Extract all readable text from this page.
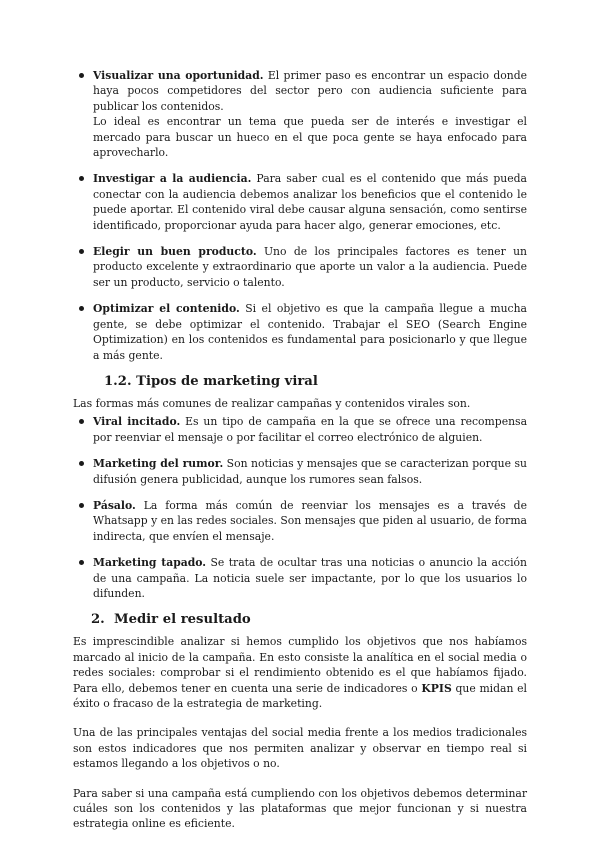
Visualizar una oportunidad. El primer paso es encontrar un espacio donde haya pocos competidores del sector pero con audiencia suficiente para publicar los contenidos.

Lo ideal es encontrar un tema que pueda ser de interés e investigar el mercado para buscar un hueco en el que poca gente se haya enfocado para aprovecharlo.

Investigar a la audiencia. Para saber cual es el contenido que más pueda conectar con la audiencia debemos analizar los beneficios que el contenido le puede aportar. El contenido viral debe causar alguna sensación, como sentirse identificado, proporcionar ayuda para hacer algo, generar emociones, etc.

Elegir un buen producto. Uno de los principales factores es tener un producto excelente y extraordinario que aporte un valor a la audiencia. Puede ser un producto, servicio o talento.

Optimizar el contenido. Si el objetivo es que la campaña llegue a mucha gente, se debe optimizar el contenido. Trabajar el SEO (Search Engine Optimization) en los contenidos es fundamental para posicionarlo y que llegue a más gente.

1.2. Tipos de marketing viral

Las formas más comunes de realizar campañas y contenidos virales son.

Viral incitado. Es un tipo de campaña en la que se ofrece una recompensa por reenviar el mensaje o por facilitar el correo electrónico de alguien.

Marketing del rumor. Son noticias y mensajes que se caracterizan porque su difusión genera publicidad, aunque los rumores sean falsos.

Pásalo. La forma más común de reenviar los mensajes es a través de Whatsapp y en las redes sociales. Son mensajes que piden al usuario, de forma indirecta, que envíen el mensaje.

Marketing tapado. Se trata de ocultar tras una noticias o anuncio la acción de una campaña. La noticia suele ser impactante, por lo que los usuarios lo difunden.

2. Medir el resultado

Es imprescindible analizar si hemos cumplido los objetivos que nos habíamos marcado al inicio de la campaña. En esto consiste la analítica en el social media o redes sociales: comprobar si el rendimiento obtenido es el que habíamos fijado. Para ello, debemos tener en cuenta una serie de indicadores o KPIS que midan el éxito o fracaso de la estrategia de marketing.

Una de las principales ventajas del social media frente a los medios tradicionales son estos indicadores que nos permiten analizar y observar en tiempo real si estamos llegando a los objetivos o no.

Para saber si una campaña está cumpliendo con los objetivos debemos determinar cuáles son los contenidos y las plataformas que mejor funcionan y si nuestra estrategia online es eficiente.
